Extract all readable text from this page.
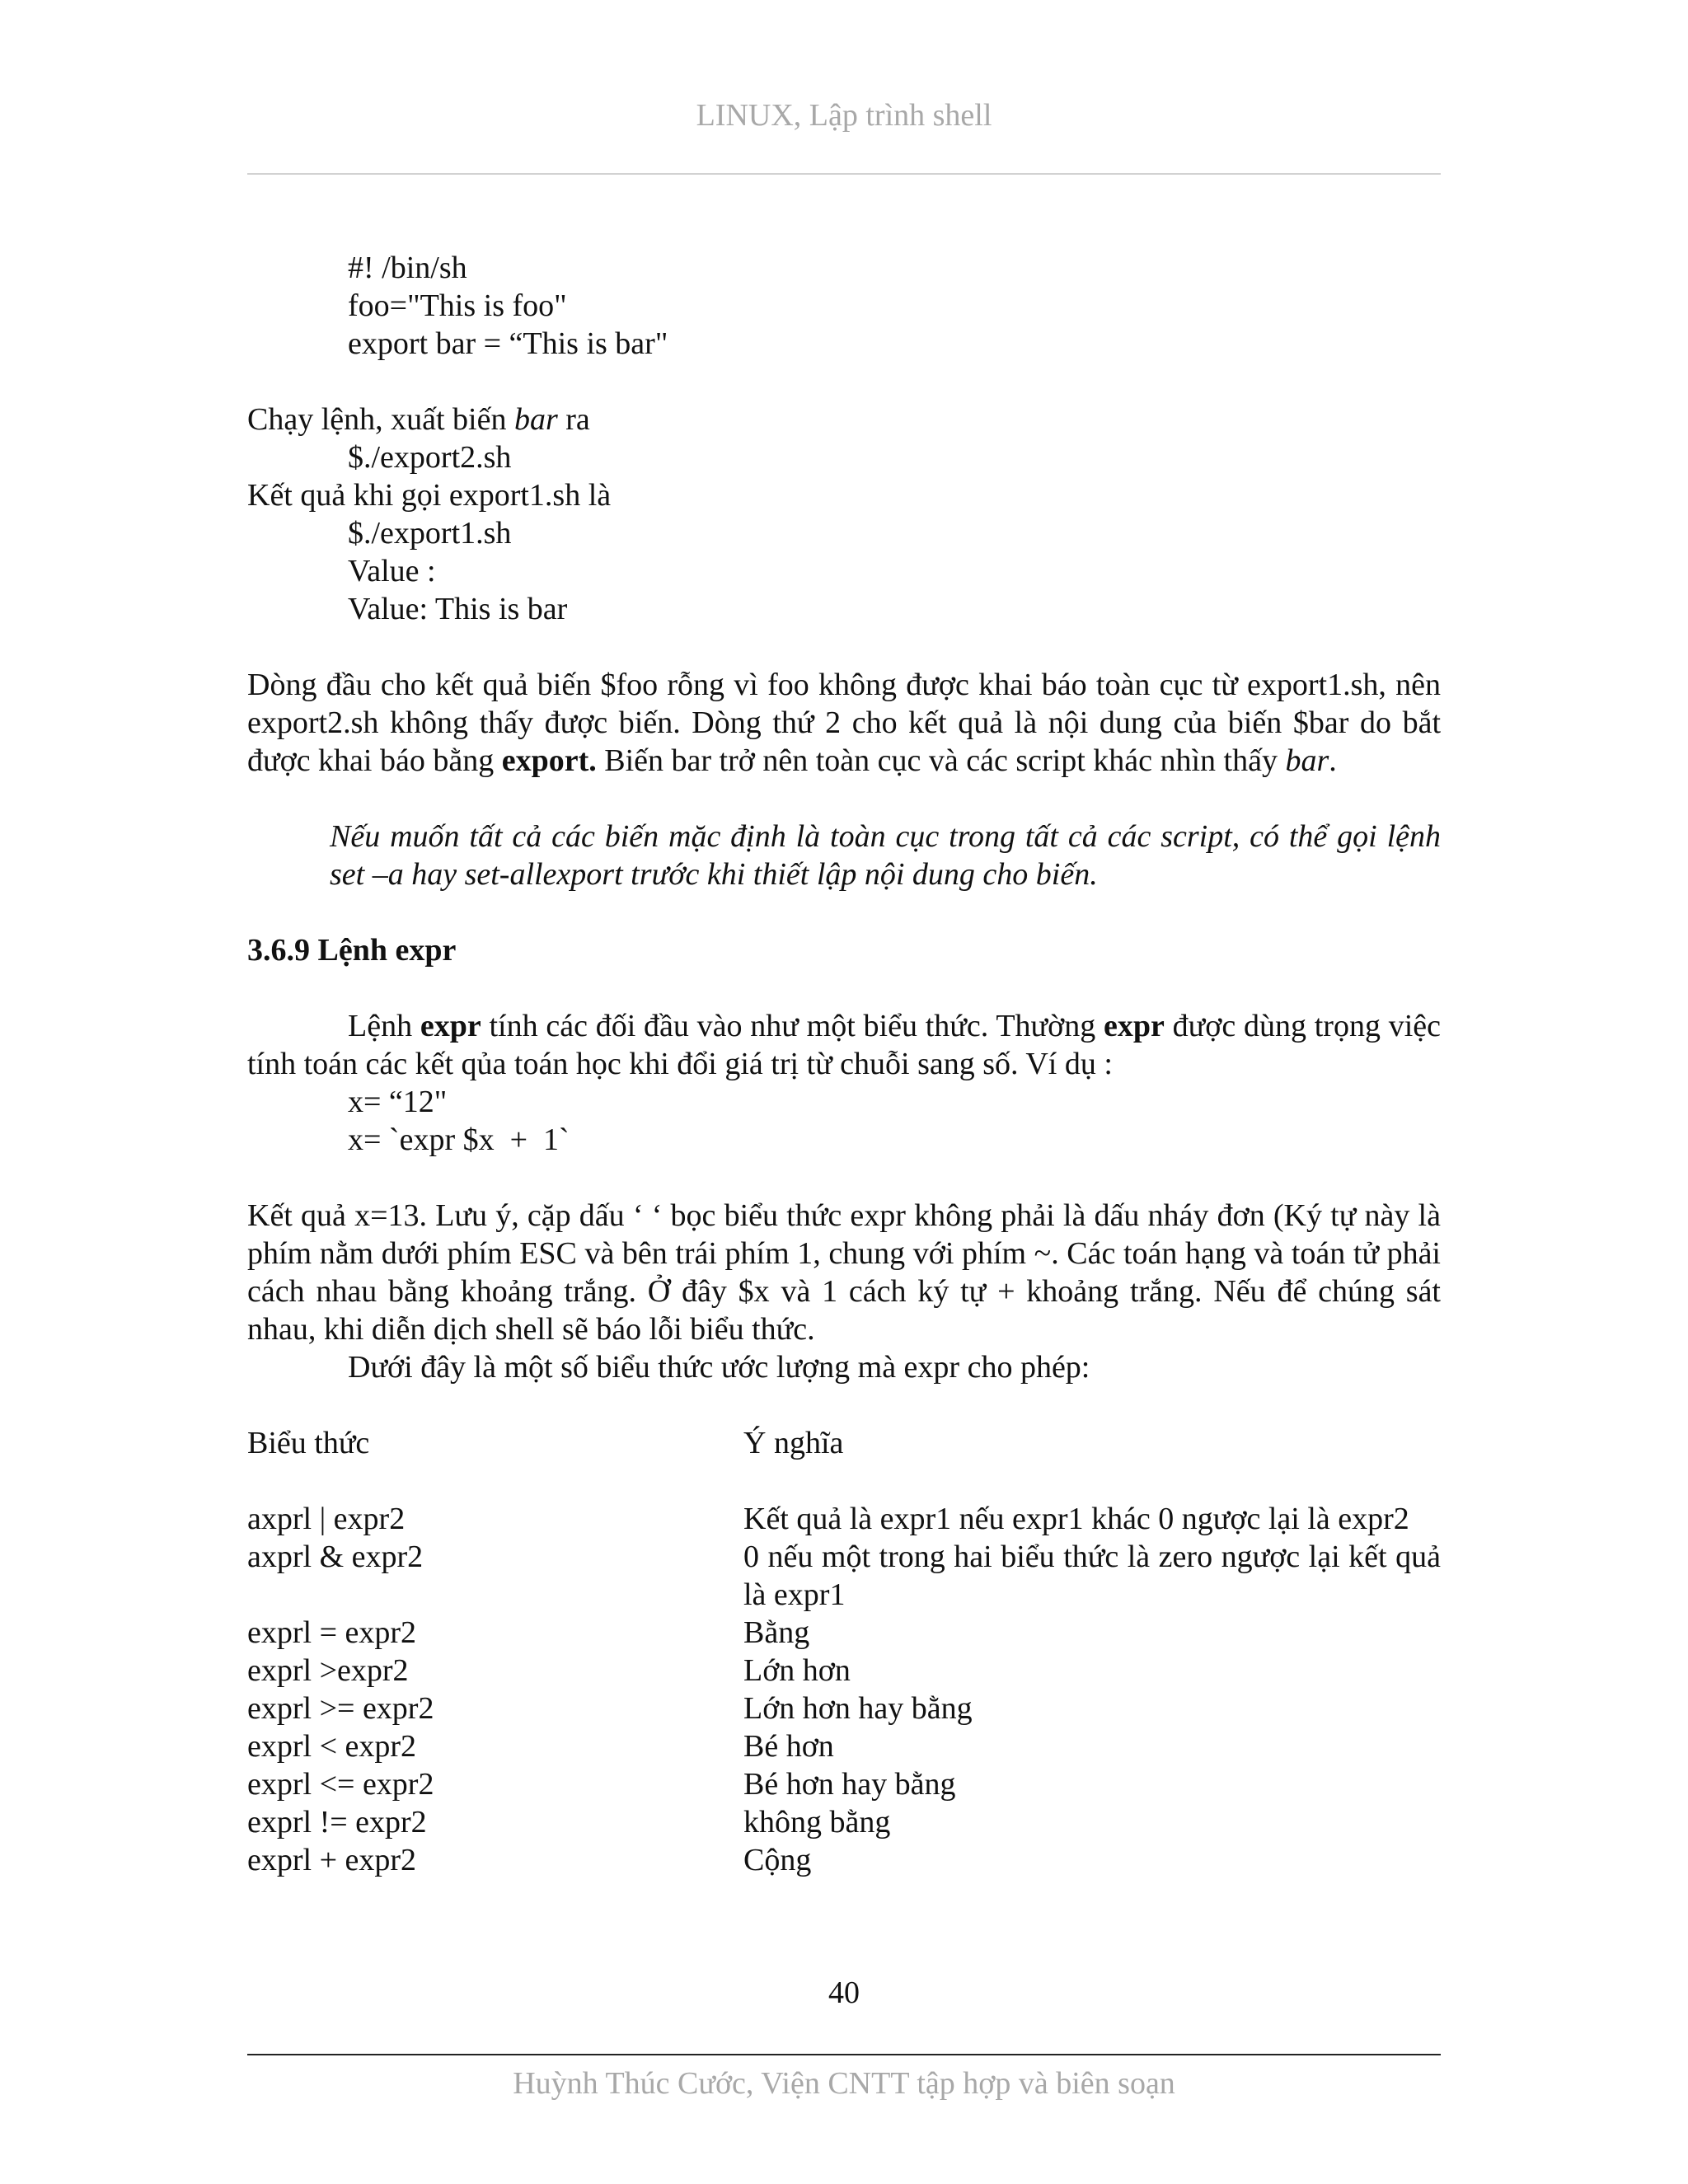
LINUX, Lập trình shell
#! /bin/sh
foo="This is foo"
export bar = “This is bar"
Chạy lệnh, xuất biến bar ra
$./export2.sh
Kết quả khi gọi export1.sh là
$./export1.sh
Value :
Value: This is bar
Dòng đầu cho kết quả biến $foo rỗng vì foo không được khai báo toàn cục từ export1.sh, nên export2.sh không thấy được biến. Dòng thứ 2 cho kết quả là nội dung của biến $bar do bắt được khai báo bằng export. Biến bar trở nên toàn cục và các script khác nhìn thấy bar.
Nếu muốn tất cả các biến mặc định là toàn cục trong tất cả các script, có thể gọi lệnh set –a hay set-allexport trước khi thiết lập nội dung cho biến.
3.6.9 Lệnh expr
Lệnh expr tính các đối đầu vào như một biểu thức. Thường expr được dùng trọng việc tính toán các kết qủa toán học khi đổi giá trị từ chuỗi sang số. Ví dụ :
x= “12"
x= `expr $x  +  1`
Kết quả x=13. Lưu ý, cặp dấu ‘ ‘ bọc biểu thức expr không phải là dấu nháy đơn (Ký tự này là phím nằm dưới phím ESC và bên trái phím 1, chung với phím ~. Các toán hạng và toán tử phải cách nhau bằng khoảng trắng. Ở đây $x và 1 cách ký tự + khoảng trắng. Nếu để chúng sát nhau, khi diễn dịch shell sẽ báo lỗi biểu thức.
Dưới đây là một số biểu thức ước lượng mà expr cho phép:
Biểu thức	Ý nghĩa
axprl | expr2	Kết quả là expr1 nếu expr1 khác 0 ngược lại là expr2
axprl & expr2	0 nếu một trong hai biểu thức là zero ngược lại kết quả là expr1
exprl = expr2	Bằng
exprl >expr2	Lớn hơn
exprl >= expr2	Lớn hơn hay bằng
exprl < expr2	Bé hơn
exprl <= expr2	Bé hơn hay bằng
exprl != expr2	không bằng
exprl + expr2	Cộng
40
Huỳnh Thúc Cước, Viện CNTT tập hợp và biên soạn
